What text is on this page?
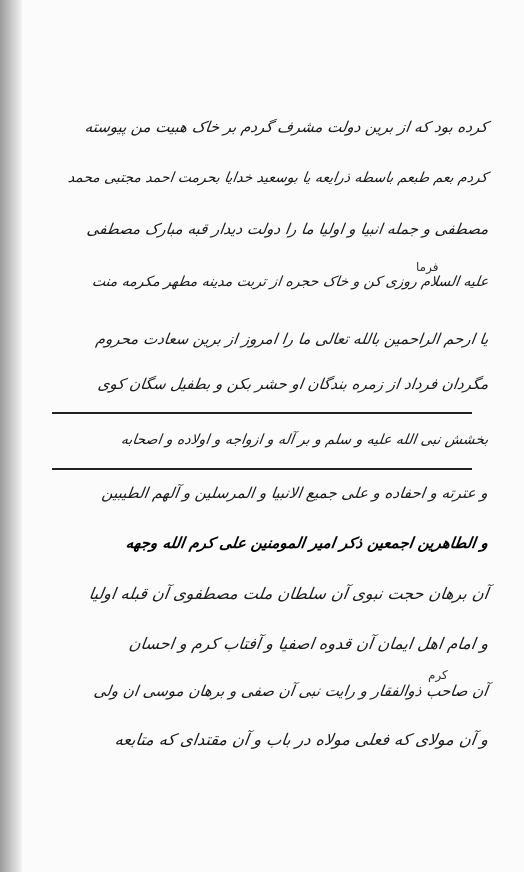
کرده بود که از برین دولت مشرف گردم بر خاک هبیت من پیوسته
کردم بعم طبعم باسطه ذرایعه یا بوسعید خدایا بحرمت احمد مجتبی محمد
مصطفی و جمله انبیا و اولیا ما را دولت دیدار قبه مبارک مصطفی
فرما
علیه السلام روزی کن و خاک حجره از تربت مدینه مطهر مکرمه منت
یا ارحم الراحمین بالله تعالی ما را امروز از برین سعادت محروم
مگردان فرداد از زمره بندگان او حشر بکن و بطفیل سگان کوی
بخشش نبی الله علیه و سلم و بر آله و ازواجه و اولاده و اصحابه
و عترته و احفاده و علی جمیع الانبیا و المرسلین و آلهم الطیبین
و الطاهرین اجمعین ذکر امیر المومنین علی کرم الله وجهه
آن برهان حجت نبوی آن سلطان ملت مصطفوی آن قبله اولیا
و امام اهل ایمان آن قدوه اصفیا و آفتاب کرم و احسان
کرم
آن صاحب ذوالفقار و رایت نبی آن صفی و برهان موسی ان ولی
و آن مولای که فعلی مولاه در باب و آن مقتدای که متابعه
